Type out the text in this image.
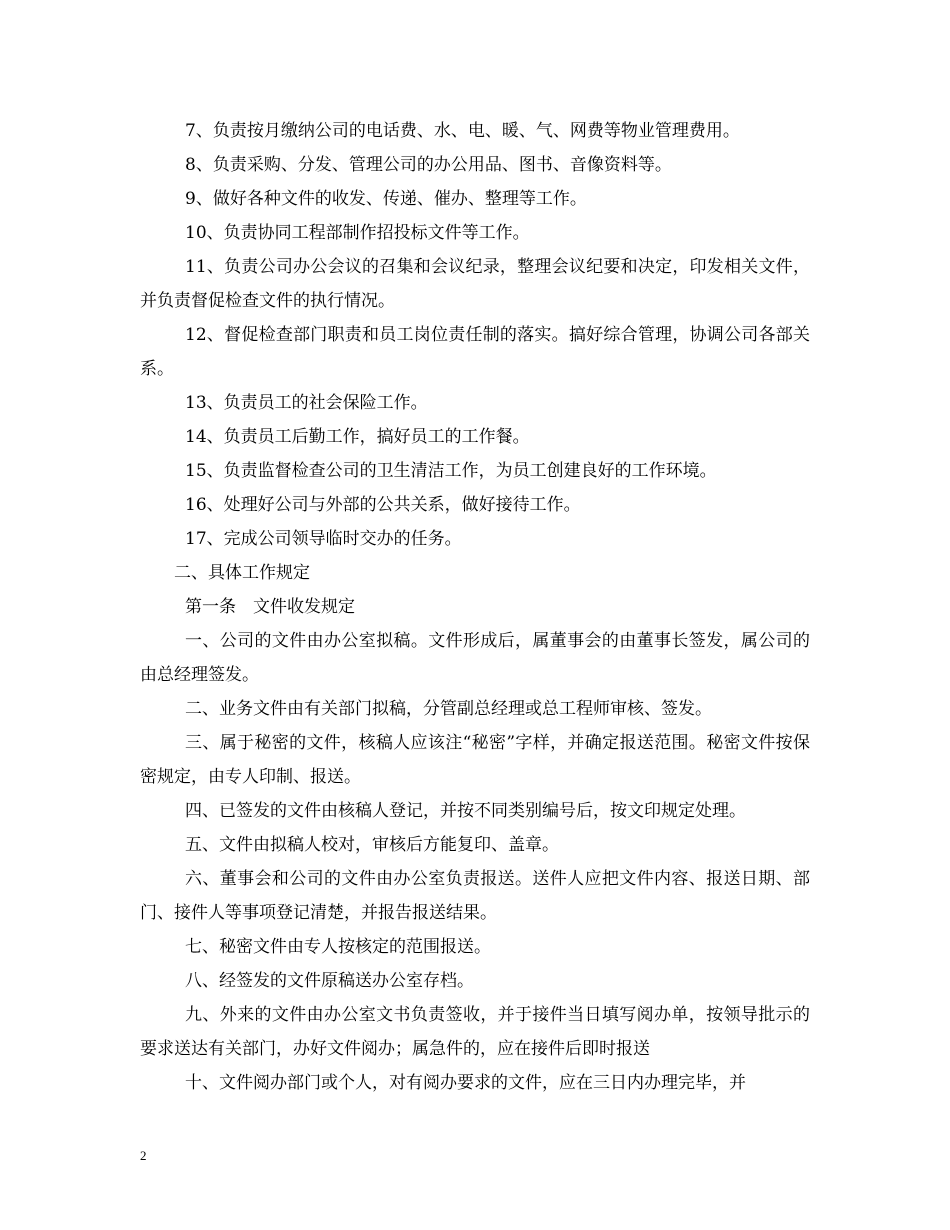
7、负责按月缴纳公司的电话费、水、电、暖、气、网费等物业管理费用。

8、负责采购、分发、管理公司的办公用品、图书、音像资料等。

9、做好各种文件的收发、传递、催办、整理等工作。

10、负责协同工程部制作招投标文件等工作。

11、负责公司办公会议的召集和会议纪录，整理会议纪要和决定，印发相关文件，并负责督促检查文件的执行情况。

12、督促检查部门职责和员工岗位责任制的落实。搞好综合管理，协调公司各部关系。

13、负责员工的社会保险工作。

14、负责员工后勤工作，搞好员工的工作餐。

15、负责监督检查公司的卫生清洁工作，为员工创建良好的工作环境。

16、处理好公司与外部的公共关系，做好接待工作。

17、完成公司领导临时交办的任务。

二、具体工作规定

第一条　文件收发规定

一、公司的文件由办公室拟稿。文件形成后，属董事会的由董事长签发，属公司的由总经理签发。

二、业务文件由有关部门拟稿，分管副总经理或总工程师审核、签发。

三、属于秘密的文件，核稿人应该注“秘密”字样，并确定报送范围。秘密文件按保密规定，由专人印制、报送。

四、已签发的文件由核稿人登记，并按不同类别编号后，按文印规定处理。

五、文件由拟稿人校对，审核后方能复印、盖章。

六、董事会和公司的文件由办公室负责报送。送件人应把文件内容、报送日期、部门、接件人等事项登记清楚，并报告报送结果。

七、秘密文件由专人按核定的范围报送。

八、经签发的文件原稿送办公室存档。

九、外来的文件由办公室文书负责签收，并于接件当日填写阅办单，按领导批示的要求送达有关部门，办好文件阅办；属急件的，应在接件后即时报送

十、文件阅办部门或个人，对有阅办要求的文件，应在三日内办理完毕，并

2
